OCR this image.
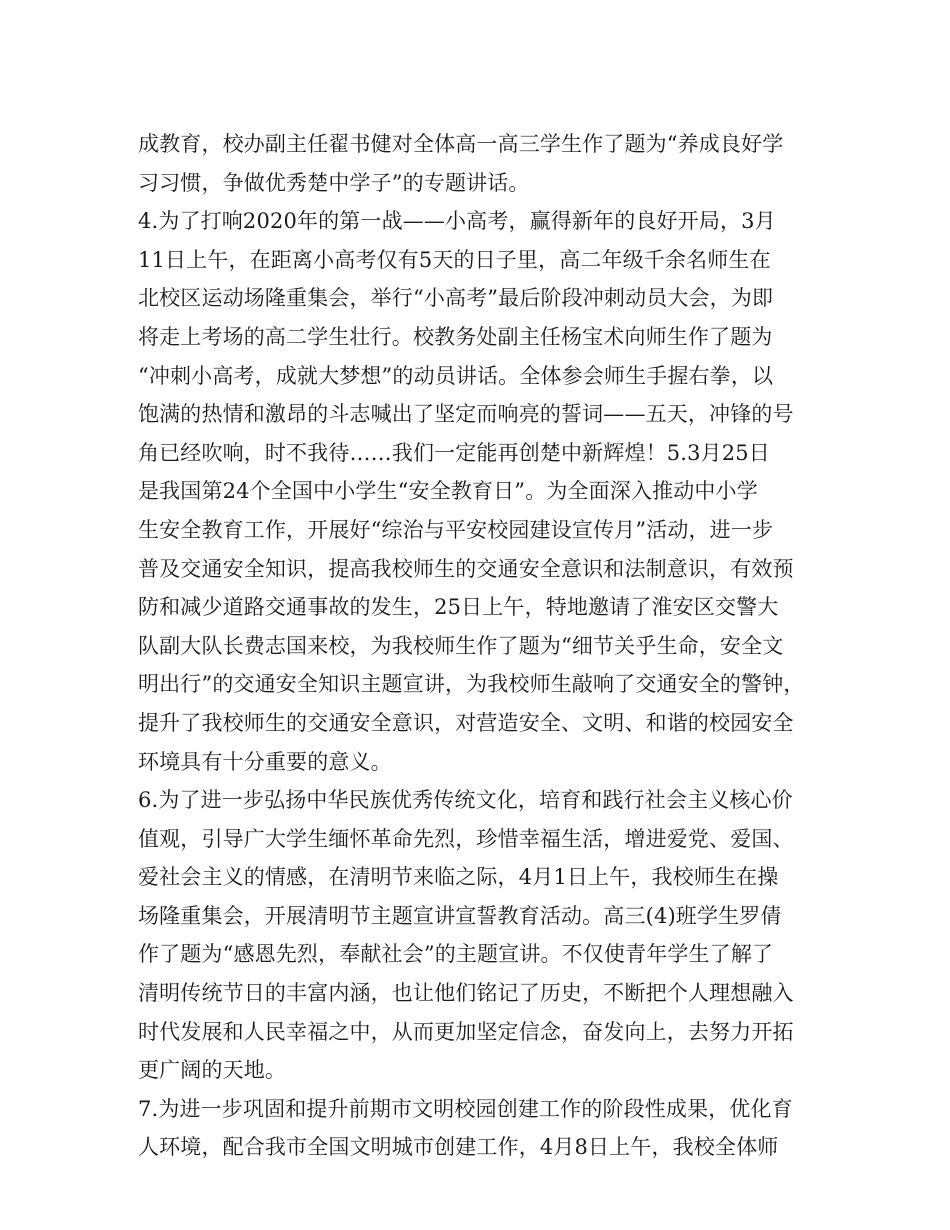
成教育，校办副主任翟书健对全体高一高三学生作了题为“养成良好学
习习惯，争做优秀楚中学子”的专题讲话。
4.为了打响2020年的第一战——小高考，赢得新年的良好开局，3月
11日上午，在距离小高考仅有5天的日子里，高二年级千余名师生在
北校区运动场隆重集会，举行“小高考”最后阶段冲刺动员大会，为即
将走上考场的高二学生壮行。校教务处副主任杨宝术向师生作了题为
“冲刺小高考，成就大梦想”的动员讲话。全体参会师生手握右拳，以
饱满的热情和激昂的斗志喊出了坚定而响亮的誓词——五天，冲锋的号
角已经吹响，时不我待……我们一定能再创楚中新辉煌！5.3月25日
是我国第24个全国中小学生“安全教育日”。为全面深入推动中小学
生安全教育工作，开展好“综治与平安校园建设宣传月”活动，进一步
普及交通安全知识，提高我校师生的交通安全意识和法制意识，有效预
防和减少道路交通事故的发生，25日上午，特地邀请了淮安区交警大
队副大队长费志国来校，为我校师生作了题为“细节关乎生命，安全文
明出行”的交通安全知识主题宣讲，为我校师生敲响了交通安全的警钟，
提升了我校师生的交通安全意识，对营造安全、文明、和谐的校园安全
环境具有十分重要的意义。
6.为了进一步弘扬中华民族优秀传统文化，培育和践行社会主义核心价
值观，引导广大学生缅怀革命先烈，珍惜幸福生活，增进爱党、爱国、
爱社会主义的情感，在清明节来临之际，4月1日上午，我校师生在操
场隆重集会，开展清明节主题宣讲宣誓教育活动。高三(4)班学生罗倩
作了题为“感恩先烈，奉献社会”的主题宣讲。不仅使青年学生了解了
清明传统节日的丰富内涵，也让他们铭记了历史，不断把个人理想融入
时代发展和人民幸福之中，从而更加坚定信念，奋发向上，去努力开拓
更广阔的天地。
7.为进一步巩固和提升前期市文明校园创建工作的阶段性成果，优化育
人环境，配合我市全国文明城市创建工作，4月8日上午，我校全体师
